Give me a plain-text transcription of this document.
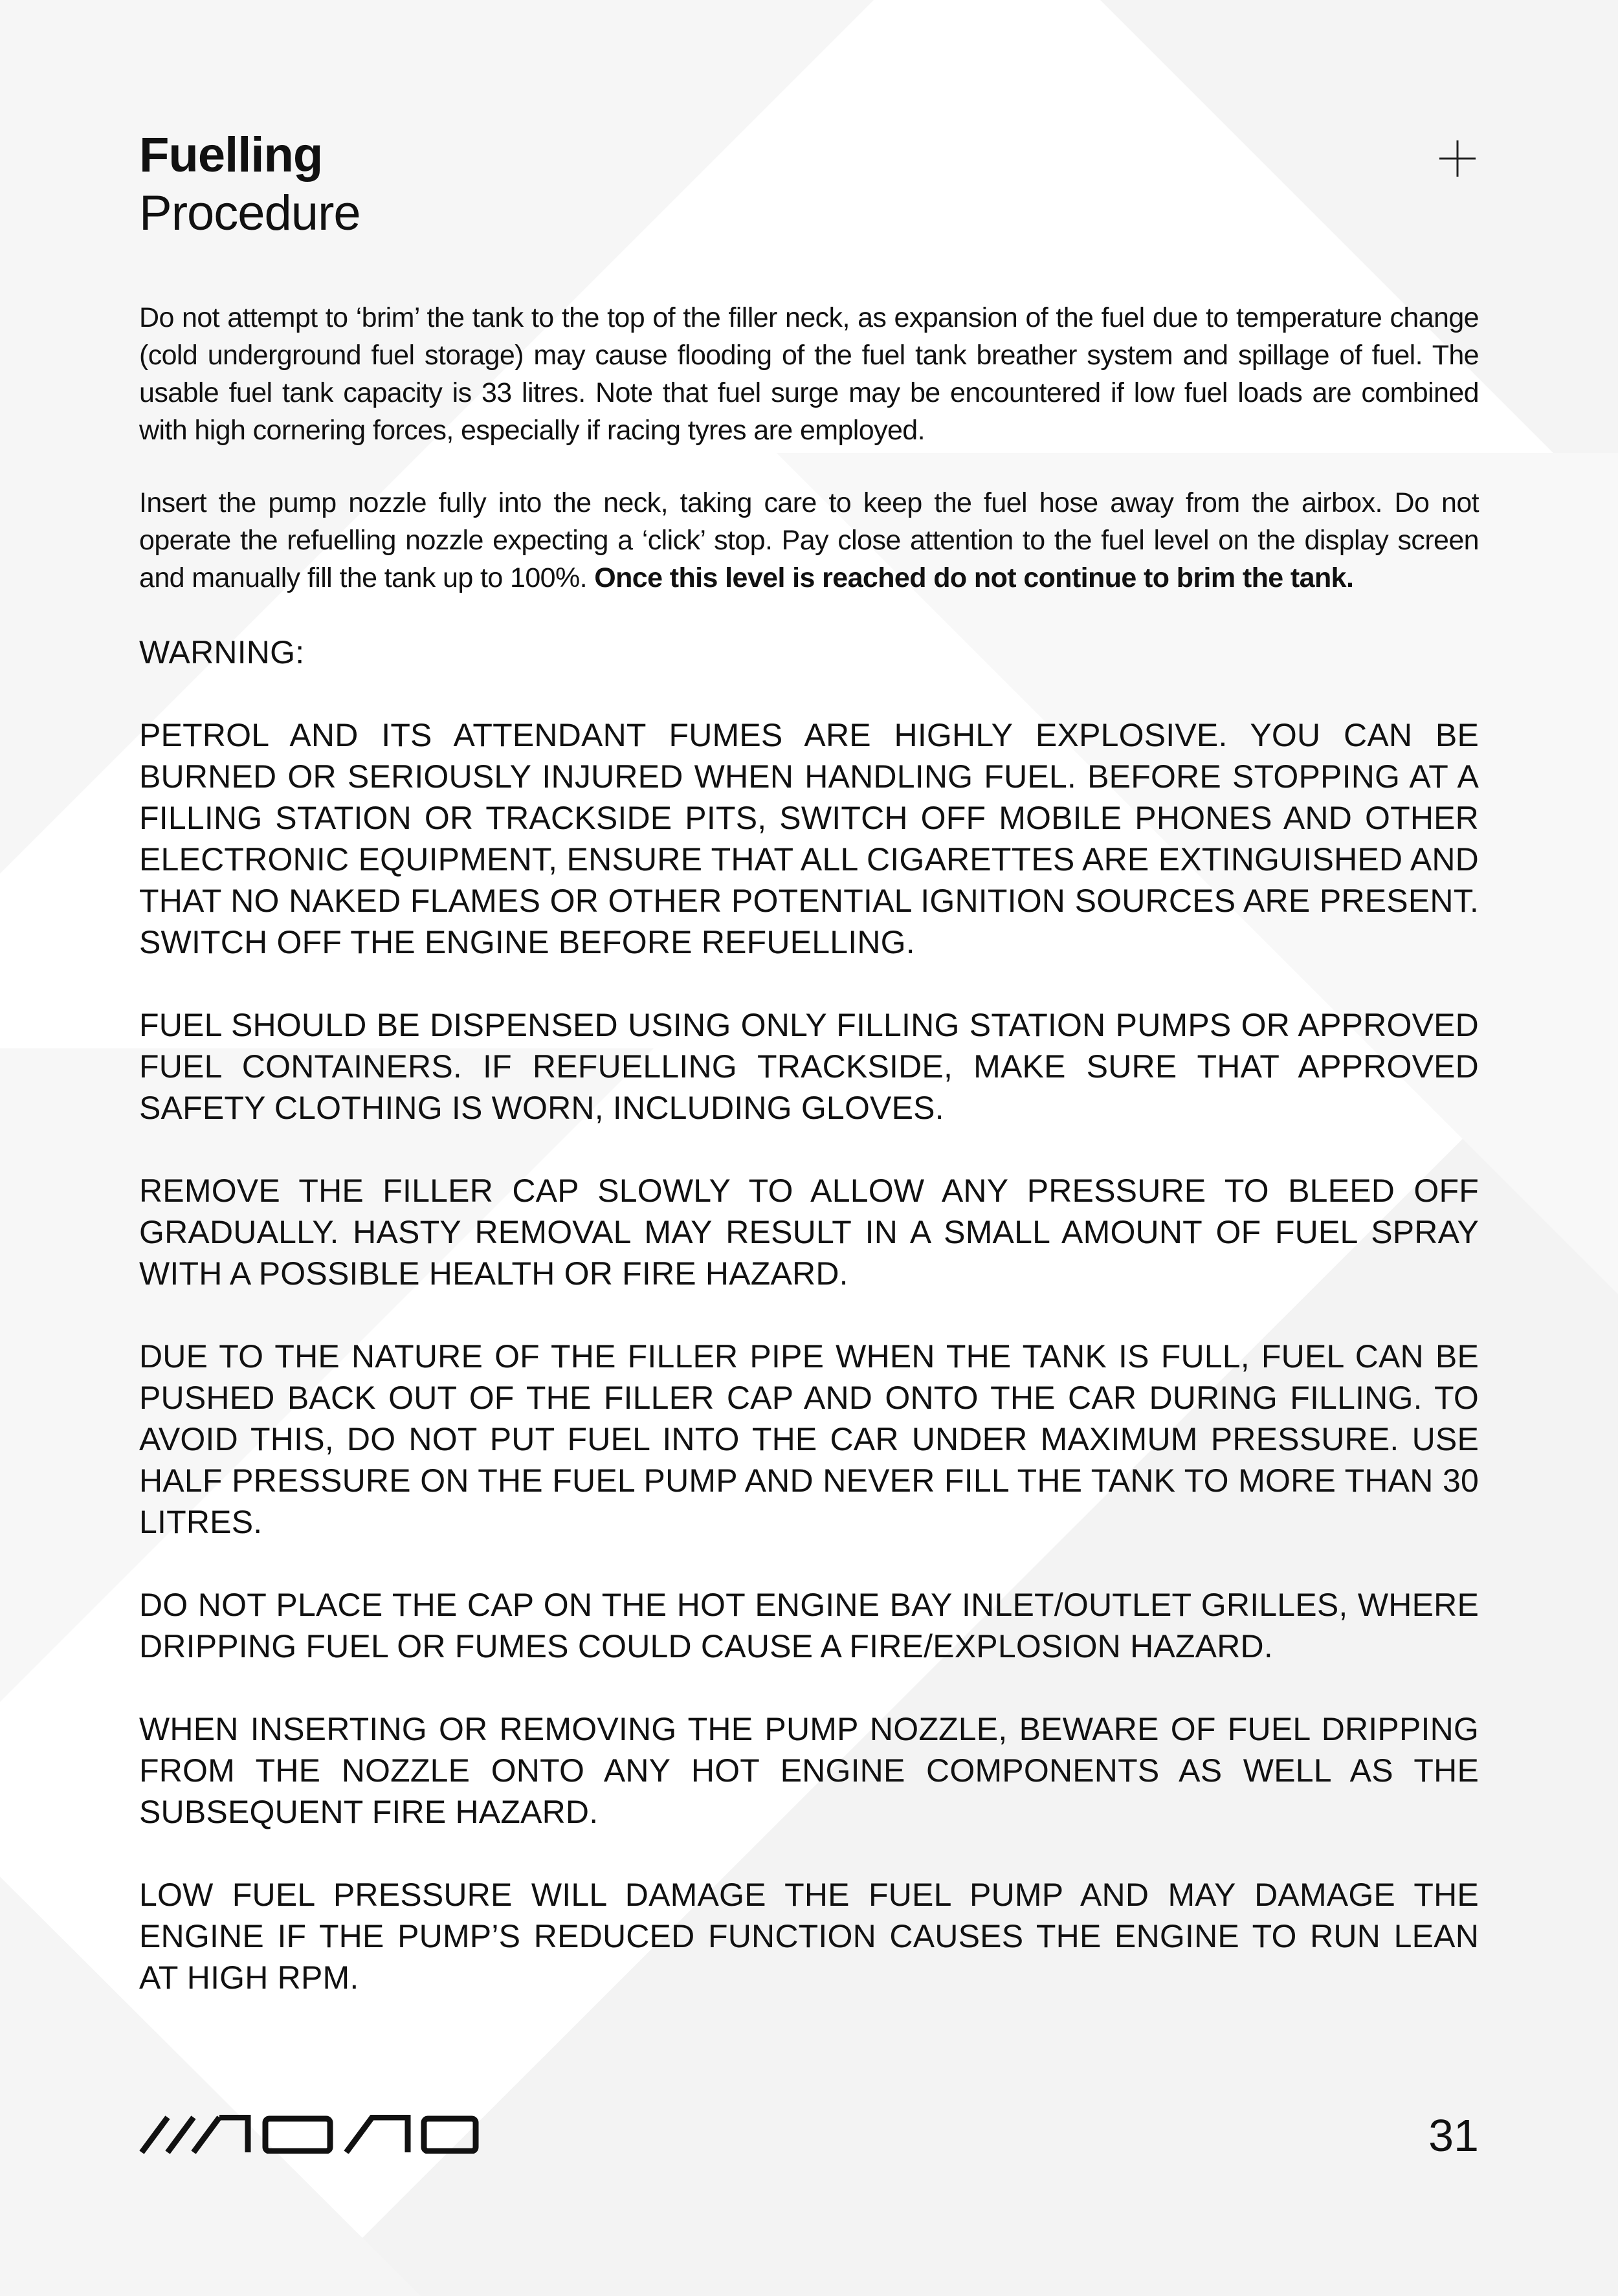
Fuelling
Procedure

Do not attempt to ‘brim’ the tank to the top of the filler neck, as expansion of the fuel due to temperature change (cold underground fuel storage) may cause flooding of the fuel tank breather system and spillage of fuel. The usable fuel tank capacity is 33 litres. Note that fuel surge may be encountered if low fuel loads are combined with high cornering forces, especially if racing tyres are employed.

Insert the pump nozzle fully into the neck, taking care to keep the fuel hose away from the airbox. Do not operate the refuelling nozzle expecting a ‘click’ stop. Pay close attention to the fuel level on the display screen and manually fill the tank up to 100%. Once this level is reached do not continue to brim the tank.

WARNING:

PETROL AND ITS ATTENDANT FUMES ARE HIGHLY EXPLOSIVE. YOU CAN BE BURNED OR SERIOUSLY INJURED WHEN HANDLING FUEL. BEFORE STOPPING AT A FILLING STATION OR TRACKSIDE PITS, SWITCH OFF MOBILE PHONES AND OTHER ELECTRONIC EQUIPMENT, ENSURE THAT ALL CIGARETTES ARE EXTINGUISHED AND THAT NO NAKED FLAMES OR OTHER POTENTIAL IGNITION SOURCES ARE PRESENT. SWITCH OFF THE ENGINE BEFORE REFUELLING.

FUEL SHOULD BE DISPENSED USING ONLY FILLING STATION PUMPS OR APPROVED FUEL CONTAINERS. IF REFUELLING TRACKSIDE, MAKE SURE THAT APPROVED SAFETY CLOTHING IS WORN, INCLUDING GLOVES.

REMOVE THE FILLER CAP SLOWLY TO ALLOW ANY PRESSURE TO BLEED OFF GRADUALLY. HASTY REMOVAL MAY RESULT IN A SMALL AMOUNT OF FUEL SPRAY WITH A POSSIBLE HEALTH OR FIRE HAZARD.

DUE TO THE NATURE OF THE FILLER PIPE WHEN THE TANK IS FULL, FUEL CAN BE PUSHED BACK OUT OF THE FILLER CAP AND ONTO THE CAR DURING FILLING. TO AVOID THIS, DO NOT PUT FUEL INTO THE CAR UNDER MAXIMUM PRESSURE. USE HALF PRESSURE ON THE FUEL PUMP AND NEVER FILL THE TANK TO MORE THAN 30 LITRES.

DO NOT PLACE THE CAP ON THE HOT ENGINE BAY INLET/OUTLET GRILLES, WHERE DRIPPING FUEL OR FUMES COULD CAUSE A FIRE/EXPLOSION HAZARD.

WHEN INSERTING OR REMOVING THE PUMP NOZZLE, BEWARE OF FUEL DRIPPING FROM THE NOZZLE ONTO ANY HOT ENGINE COMPONENTS AS WELL AS THE SUBSEQUENT FIRE HAZARD.

LOW FUEL PRESSURE WILL DAMAGE THE FUEL PUMP AND MAY DAMAGE THE ENGINE IF THE PUMP’S REDUCED FUNCTION CAUSES THE ENGINE TO RUN LEAN AT HIGH RPM.

31
